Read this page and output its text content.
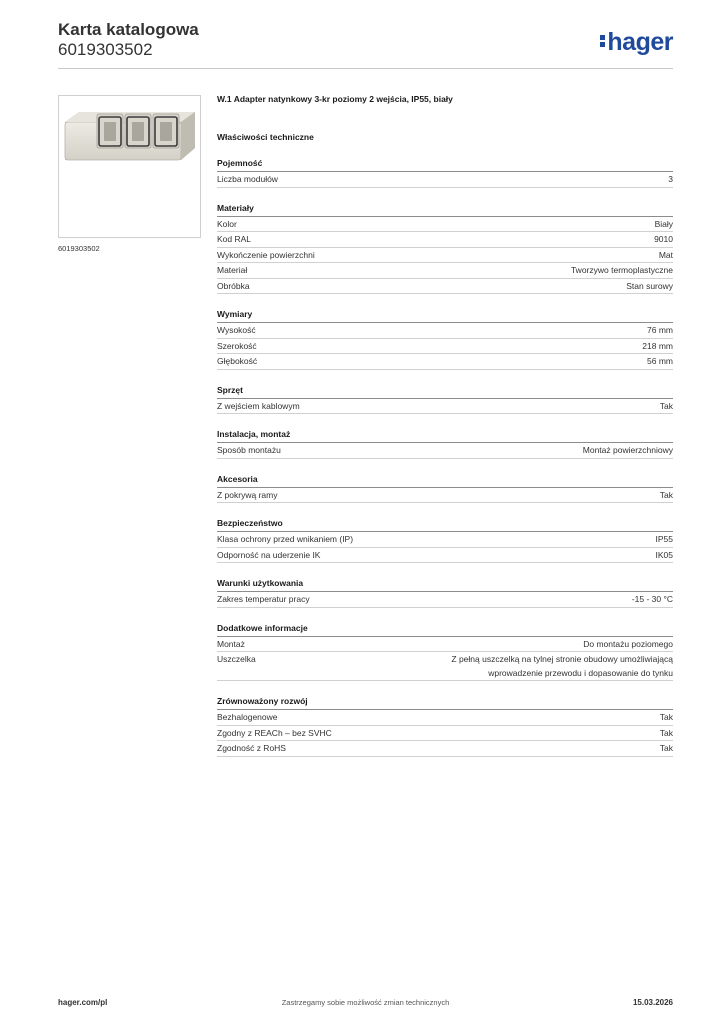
Karta katalogowa
6019303502	hager
6019303502
W.1 Adapter natynkowy 3-kr poziomy 2 wejścia, IP55, biały
Właściwości techniczne
Pojemność
Liczba modułów	3
Materiały
Kolor	Biały
Kod RAL	9010
Wykończenie powierzchni	Mat
Materiał	Tworzywo termoplastyczne
Obróbka	Stan surowy
Wymiary
Wysokość	76 mm
Szerokość	218 mm
Głębokość	56 mm
Sprzęt
Z wejściem kablowym	Tak
Instalacja, montaż
Sposób montażu	Montaż powierzchniowy
Akcesoria
Z pokrywą ramy	Tak
Bezpieczeństwo
Klasa ochrony przed wnikaniem (IP)	IP55
Odporność na uderzenie IK	IK05
Warunki użytkowania
Zakres temperatur pracy	-15 - 30 °C
Dodatkowe informacje
Montaż	Do montażu poziomego
Uszczelka	Z pełną uszczelką na tylnej stronie obudowy umożliwiającą wprowadzenie przewodu i dopasowanie do tynku
Zrównoważony rozwój
Bezhalogenowe	Tak
Zgodny z REACh – bez SVHC	Tak
Zgodność z RoHS	Tak
hager.com/pl	Zastrzegamy sobie możliwość zmian technicznych	15.03.2026
